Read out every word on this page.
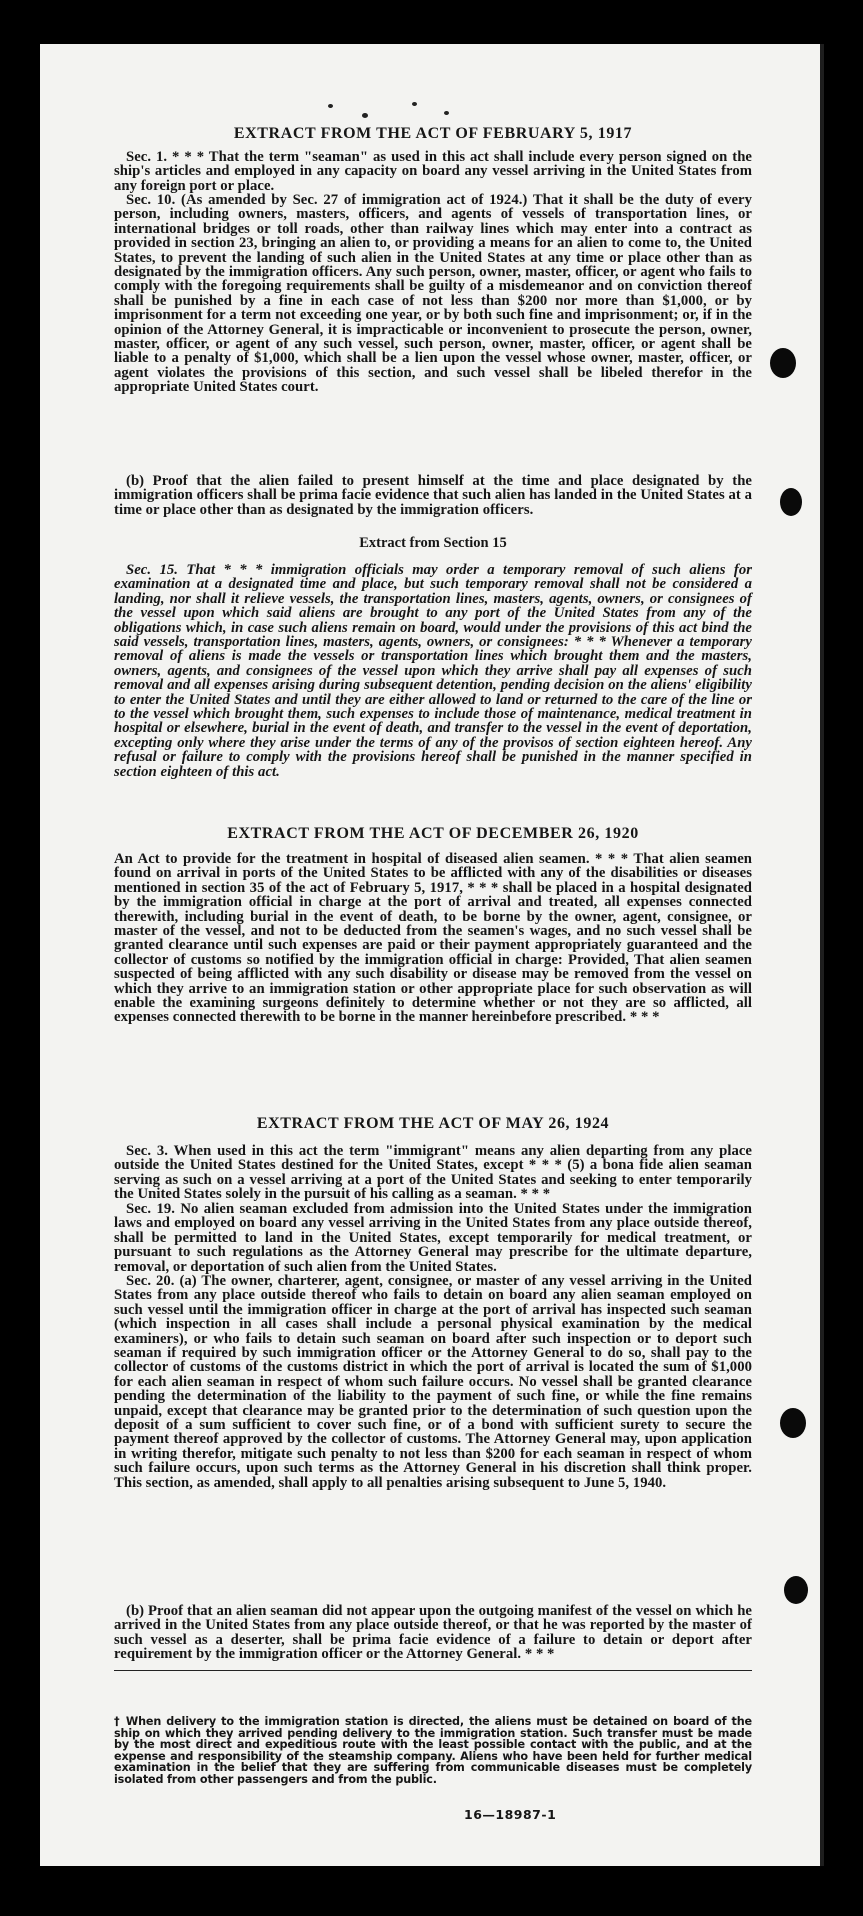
EXTRACT FROM THE ACT OF FEBRUARY 5, 1917

Sec. 1. * * * That the term "seaman" as used in this act shall include every person signed on the ship's articles and employed in any capacity on board any vessel arriving in the United States from any foreign port or place.

Sec. 10. (As amended by Sec. 27 of immigration act of 1924.) That it shall be the duty of every person, including owners, masters, officers, and agents of vessels of transportation lines, or international bridges or toll roads, other than railway lines which may enter into a contract as provided in section 23, bringing an alien to, or providing a means for an alien to come to, the United States, to prevent the landing of such alien in the United States at any time or place other than as designated by the immigration officers. Any such person, owner, master, officer, or agent who fails to comply with the foregoing requirements shall be guilty of a misdemeanor and on conviction thereof shall be punished by a fine in each case of not less than $200 nor more than $1,000, or by imprisonment for a term not exceeding one year, or by both such fine and imprisonment; or, if in the opinion of the Attorney General, it is impracticable or inconvenient to prosecute the person, owner, master, officer, or agent of any such vessel, such person, owner, master, officer, or agent shall be liable to a penalty of $1,000, which shall be a lien upon the vessel whose owner, master, officer, or agent violates the provisions of this section, and such vessel shall be libeled therefor in the appropriate United States court.

(b) Proof that the alien failed to present himself at the time and place designated by the immigration officers shall be prima facie evidence that such alien has landed in the United States at a time or place other than as designated by the immigration officers.

Extract from Section 15

Sec. 15. That * * * immigration officials may order a temporary removal of such aliens for examination at a designated time and place, but such temporary removal shall not be considered a landing, nor shall it relieve vessels, the transportation lines, masters, agents, owners, or consignees of the vessel upon which said aliens are brought to any port of the United States from any of the obligations which, in case such aliens remain on board, would under the provisions of this act bind the said vessels, transportation lines, masters, agents, owners, or consignees: * * * Whenever a temporary removal of aliens is made the vessels or transportation lines which brought them and the masters, owners, agents, and consignees of the vessel upon which they arrive shall pay all expenses of such removal and all expenses arising during subsequent detention, pending decision on the aliens' eligibility to enter the United States and until they are either allowed to land or returned to the care of the line or to the vessel which brought them, such expenses to include those of maintenance, medical treatment in hospital or elsewhere, burial in the event of death, and transfer to the vessel in the event of deportation, excepting only where they arise under the terms of any of the provisos of section eighteen hereof. Any refusal or failure to comply with the provisions hereof shall be punished in the manner specified in section eighteen of this act.

EXTRACT FROM THE ACT OF DECEMBER 26, 1920

An Act to provide for the treatment in hospital of diseased alien seamen. * * * That alien seamen found on arrival in ports of the United States to be afflicted with any of the disabilities or diseases mentioned in section 35 of the act of February 5, 1917, * * * shall be placed in a hospital designated by the immigration official in charge at the port of arrival and treated, all expenses connected therewith, including burial in the event of death, to be borne by the owner, agent, consignee, or master of the vessel, and not to be deducted from the seamen's wages, and no such vessel shall be granted clearance until such expenses are paid or their payment appropriately guaranteed and the collector of customs so notified by the immigration official in charge: Provided, That alien seamen suspected of being afflicted with any such disability or disease may be removed from the vessel on which they arrive to an immigration station or other appropriate place for such observation as will enable the examining surgeons definitely to determine whether or not they are so afflicted, all expenses connected therewith to be borne in the manner hereinbefore prescribed. * * *

EXTRACT FROM THE ACT OF MAY 26, 1924

Sec. 3. When used in this act the term "immigrant" means any alien departing from any place outside the United States destined for the United States, except * * * (5) a bona fide alien seaman serving as such on a vessel arriving at a port of the United States and seeking to enter temporarily the United States solely in the pursuit of his calling as a seaman. * * *

Sec. 19. No alien seaman excluded from admission into the United States under the immigration laws and employed on board any vessel arriving in the United States from any place outside thereof, shall be permitted to land in the United States, except temporarily for medical treatment, or pursuant to such regulations as the Attorney General may prescribe for the ultimate departure, removal, or deportation of such alien from the United States.

Sec. 20. (a) The owner, charterer, agent, consignee, or master of any vessel arriving in the United States from any place outside thereof who fails to detain on board any alien seaman employed on such vessel until the immigration officer in charge at the port of arrival has inspected such seaman (which inspection in all cases shall include a personal physical examination by the medical examiners), or who fails to detain such seaman on board after such inspection or to deport such seaman if required by such immigration officer or the Attorney General to do so, shall pay to the collector of customs of the customs district in which the port of arrival is located the sum of $1,000 for each alien seaman in respect of whom such failure occurs. No vessel shall be granted clearance pending the determination of the liability to the payment of such fine, or while the fine remains unpaid, except that clearance may be granted prior to the determination of such question upon the deposit of a sum sufficient to cover such fine, or of a bond with sufficient surety to secure the payment thereof approved by the collector of customs. The Attorney General may, upon application in writing therefor, mitigate such penalty to not less than $200 for each seaman in respect of whom such failure occurs, upon such terms as the Attorney General in his discretion shall think proper. This section, as amended, shall apply to all penalties arising subsequent to June 5, 1940.

(b) Proof that an alien seaman did not appear upon the outgoing manifest of the vessel on which he arrived in the United States from any place outside thereof, or that he was reported by the master of such vessel as a deserter, shall be prima facie evidence of a failure to detain or deport after requirement by the immigration officer or the Attorney General. * * *

† When delivery to the immigration station is directed, the aliens must be detained on board of the ship on which they arrived pending delivery to the immigration station. Such transfer must be made by the most direct and expeditious route with the least possible contact with the public, and at the expense and responsibility of the steamship company. Aliens who have been held for further medical examination in the belief that they are suffering from communicable diseases must be completely isolated from other passengers and from the public.

16—18987-1
